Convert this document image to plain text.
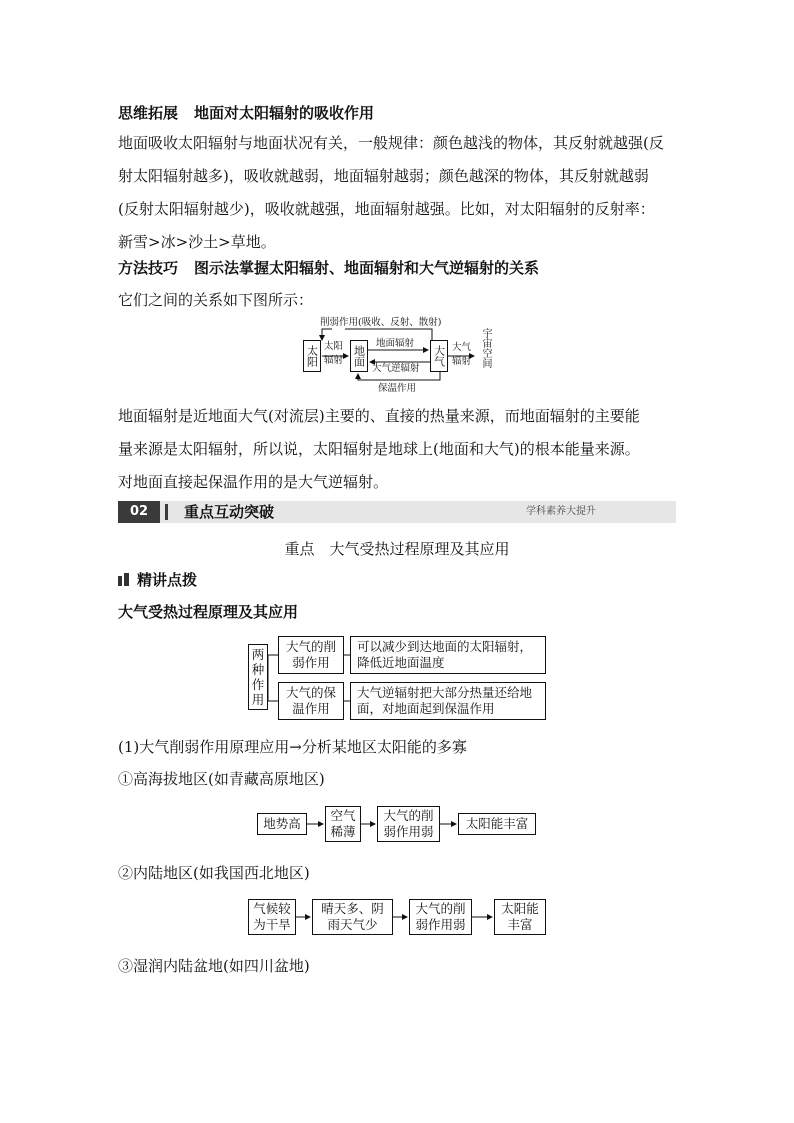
思维拓展 地面对太阳辐射的吸收作用
地面吸收太阳辐射与地面状况有关，一般规律：颜色越浅的物体，其反射就越强(反
射太阳辐射越多)，吸收就越弱，地面辐射越弱；颜色越深的物体，其反射就越弱
(反射太阳辐射越少)，吸收就越强，地面辐射越强。比如，对太阳辐射的反射率：
新雪>冰>沙土>草地。
方法技巧 图示法掌握太阳辐射、地面辐射和大气逆辐射的关系
它们之间的关系如下图所示：
削弱作用(吸收、反射、散射)
太阳 太阳辐射 地面
地面辐射
大气逆辐射
大气 大气辐射 宇宙空间
保温作用
地面辐射是近地面大气(对流层)主要的、直接的热量来源，而地面辐射的主要能
量来源是太阳辐射，所以说，太阳辐射是地球上(地面和大气)的根本能量来源。
对地面直接起保温作用的是大气逆辐射。
02	重点互动突破	学科素养大提升
重点　大气受热过程原理及其应用
精讲点拨
大气受热过程原理及其应用
两种作用
大气的削弱作用
可以减少到达地面的太阳辐射，降低近地面温度
大气的保温作用
大气逆辐射把大部分热量还给地面，对地面起到保温作用
(1)大气削弱作用原理应用→分析某地区太阳能的多寡
①高海拔地区(如青藏高原地区)
地势高
空气稀薄
大气的削弱作用弱
太阳能丰富
②内陆地区(如我国西北地区)
气候较为干旱
晴天多、阴雨天气少
大气的削弱作用弱
太阳能丰富
③湿润内陆盆地(如四川盆地)
